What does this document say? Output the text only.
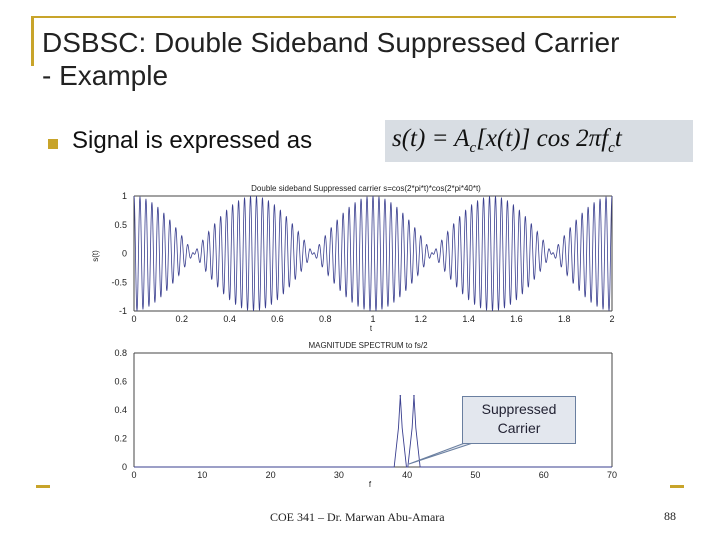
DSBSC: Double Sideband Suppressed Carrier
- Example
Signal is expressed as	$s(t) = A_c[x(t)]$ $\cos 2\pi f_ct$
Double sideband Suppressed carrier s=cos(2*pi*t)*cos(2*pi*40*t)
s(t)
t
0	0.2	0.4	0.6	0.8	1	1.2	1.4	1.6	1.8	2
1
0.5
0
-0.5
-1
MAGNITUDE SPECTRUM to fs/2
f
0	10	20	30	40	50	60	70
0.8
0.6
0.4
0.2
0
Suppressed
Carrier
COE 341 – Dr. Marwan Abu-Amara	88
